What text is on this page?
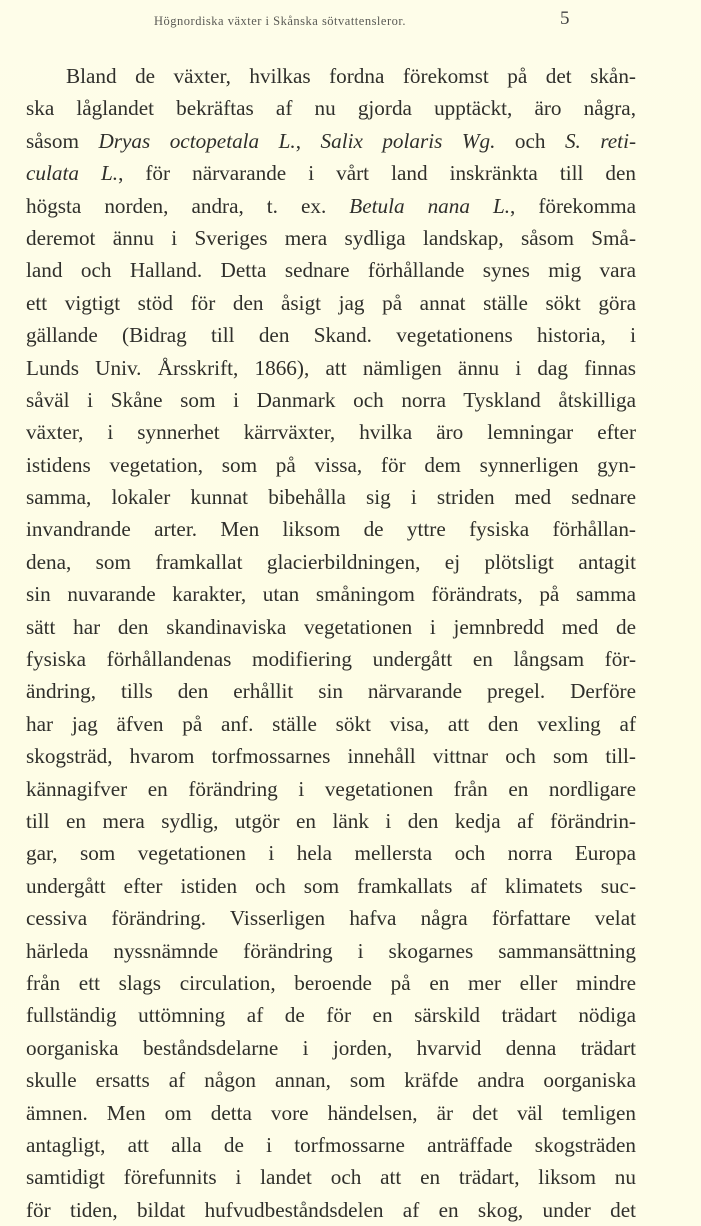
Högnordiska växter i Skånska sötvattensleror.	5
Bland de växter, hvilkas fordna förekomst på det skån-
ska låglandet bekräftas af nu gjorda upptäckt, äro några,
såsom Dryas octopetala L., Salix polaris Wg. och S. reti-
culata L., för närvarande i vårt land inskränkta till den
högsta norden, andra, t. ex. Betula nana L., förekomma
deremot ännu i Sveriges mera sydliga landskap, såsom Små-
land och Halland. Detta sednare förhållande synes mig vara
ett vigtigt stöd för den åsigt jag på annat ställe sökt göra
gällande (Bidrag till den Skand. vegetationens historia, i
Lunds Univ. Årsskrift, 1866), att nämligen ännu i dag finnas
såväl i Skåne som i Danmark och norra Tyskland åtskilliga
växter, i synnerhet kärrväxter, hvilka äro lemningar efter
istidens vegetation, som på vissa, för dem synnerligen gyn-
samma, lokaler kunnat bibehålla sig i striden med sednare
invandrande arter. Men liksom de yttre fysiska förhållan-
dena, som framkallat glacierbildningen, ej plötsligt antagit
sin nuvarande karakter, utan småningom förändrats, på samma
sätt har den skandinaviska vegetationen i jemnbredd med de
fysiska förhållandenas modifiering undergått en långsam för-
ändring, tills den erhållit sin närvarande pregel. Derföre
har jag äfven på anf. ställe sökt visa, att den vexling af
skogsträd, hvarom torfmossarnes innehåll vittnar och som till-
kännagifver en förändring i vegetationen från en nordligare
till en mera sydlig, utgör en länk i den kedja af förändrin-
gar, som vegetationen i hela mellersta och norra Europa
undergått efter istiden och som framkallats af klimatets suc-
cessiva förändring. Visserligen hafva några författare velat
härleda nyssnämnde förändring i skogarnes sammansättning
från ett slags circulation, beroende på en mer eller mindre
fullständig uttömning af de för en särskild trädart nödiga
oorganiska beståndsdelarne i jorden, hvarvid denna trädart
skulle ersatts af någon annan, som kräfde andra oorganiska
ämnen. Men om detta vore händelsen, är det väl temligen
antagligt, att alla de i torfmossarne anträffade skogsträden
samtidigt förefunnits i landet och att en trädart, liksom nu
för tiden, bildat hufvudbeståndsdelen af en skog, under det
